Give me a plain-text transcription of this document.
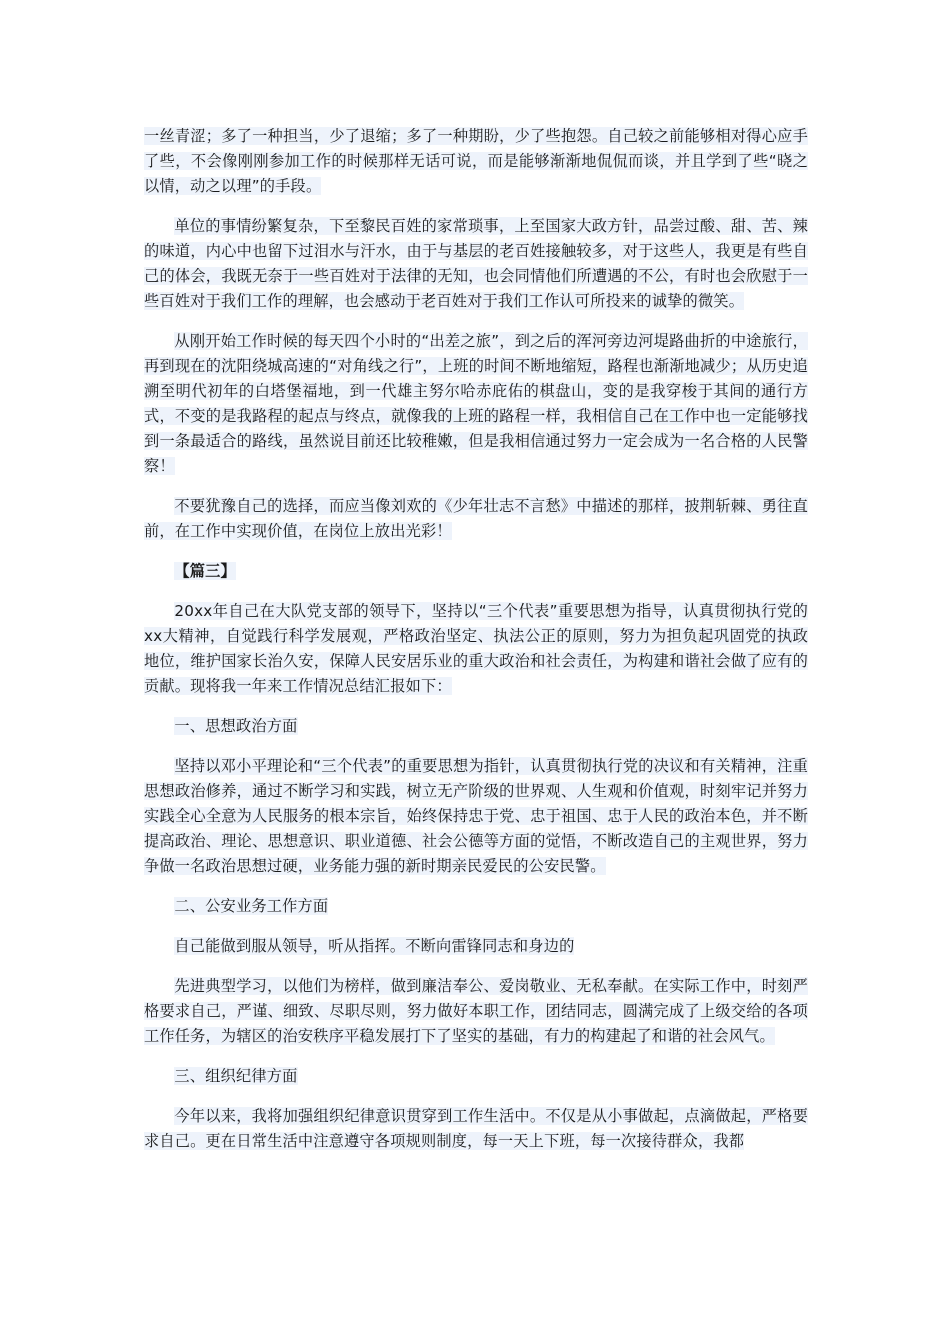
一丝青涩；多了一种担当，少了退缩；多了一种期盼，少了些抱怨。自己较之前能够相对得心应手了些，不会像刚刚参加工作的时候那样无话可说，而是能够渐渐地侃侃而谈，并且学到了些“晓之以情，动之以理”的手段。

单位的事情纷繁复杂，下至黎民百姓的家常琐事，上至国家大政方针，品尝过酸、甜、苦、辣的味道，内心中也留下过泪水与汗水，由于与基层的老百姓接触较多，对于这些人，我更是有些自己的体会，我既无奈于一些百姓对于法律的无知，也会同情他们所遭遇的不公，有时也会欣慰于一些百姓对于我们工作的理解，也会感动于老百姓对于我们工作认可所投来的诚挚的微笑。

从刚开始工作时候的每天四个小时的“出差之旅”，到之后的浑河旁边河堤路曲折的中途旅行，再到现在的沈阳绕城高速的“对角线之行”，上班的时间不断地缩短，路程也渐渐地减少；从历史追溯至明代初年的白塔堡福地，到一代雄主努尔哈赤庇佑的棋盘山，变的是我穿梭于其间的通行方式，不变的是我路程的起点与终点，就像我的上班的路程一样，我相信自己在工作中也一定能够找到一条最适合的路线，虽然说目前还比较稚嫩，但是我相信通过努力一定会成为一名合格的人民警察！

不要犹豫自己的选择，而应当像刘欢的《少年壮志不言愁》中描述的那样，披荆斩棘、勇往直前，在工作中实现价值，在岗位上放出光彩！

【篇三】

20xx年自己在大队党支部的领导下，坚持以“三个代表”重要思想为指导，认真贯彻执行党的xx大精神，自觉践行科学发展观，严格政治坚定、执法公正的原则，努力为担负起巩固党的执政地位，维护国家长治久安，保障人民安居乐业的重大政治和社会责任，为构建和谐社会做了应有的贡献。现将我一年来工作情况总结汇报如下：

一、思想政治方面

坚持以邓小平理论和“三个代表”的重要思想为指针，认真贯彻执行党的决议和有关精神，注重思想政治修养，通过不断学习和实践，树立无产阶级的世界观、人生观和价值观，时刻牢记并努力实践全心全意为人民服务的根本宗旨，始终保持忠于党、忠于祖国、忠于人民的政治本色，并不断提高政治、理论、思想意识、职业道德、社会公德等方面的觉悟，不断改造自己的主观世界，努力争做一名政治思想过硬，业务能力强的新时期亲民爱民的公安民警。

二、公安业务工作方面

自己能做到服从领导，听从指挥。不断向雷锋同志和身边的

先进典型学习，以他们为榜样，做到廉洁奉公、爱岗敬业、无私奉献。在实际工作中，时刻严格要求自己，严谨、细致、尽职尽则，努力做好本职工作，团结同志，圆满完成了上级交给的各项工作任务，为辖区的治安秩序平稳发展打下了坚实的基础，有力的构建起了和谐的社会风气。

三、组织纪律方面

今年以来，我将加强组织纪律意识贯穿到工作生活中。不仅是从小事做起，点滴做起，严格要求自己。更在日常生活中注意遵守各项规则制度，每一天上下班，每一次接待群众，我都
